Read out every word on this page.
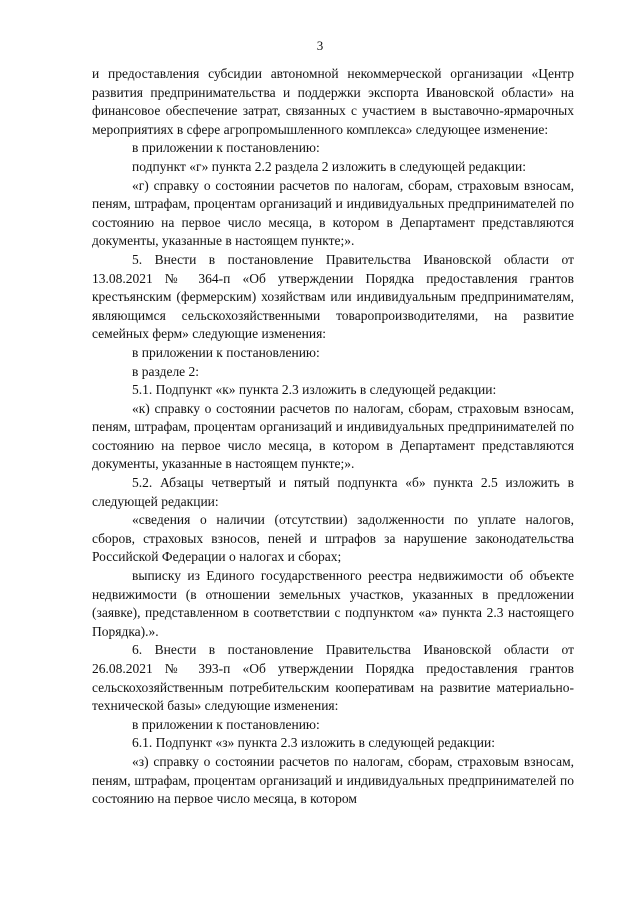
3

и предоставления субсидии автономной некоммерческой организации «Центр развития предпринимательства и поддержки экспорта Ивановской области» на финансовое обеспечение затрат, связанных с участием в выставочно-ярмарочных мероприятиях в сфере агропромышленного комплекса» следующее изменение:

в приложении к постановлению:

подпункт «г» пункта 2.2 раздела 2 изложить в следующей редакции:

«г) справку о состоянии расчетов по налогам, сборам, страховым взносам, пеням, штрафам, процентам организаций и индивидуальных предпринимателей по состоянию на первое число месяца, в котором в Департамент представляются документы, указанные в настоящем пункте;».

5. Внести в постановление Правительства Ивановской области от 13.08.2021 № 364-п «Об утверждении Порядка предоставления грантов крестьянским (фермерским) хозяйствам или индивидуальным предпринимателям, являющимся сельскохозяйственными товаропроизводителями, на развитие семейных ферм» следующие изменения:

в приложении к постановлению:

в разделе 2:

5.1. Подпункт «к» пункта 2.3 изложить в следующей редакции:

«к) справку о состоянии расчетов по налогам, сборам, страховым взносам, пеням, штрафам, процентам организаций и индивидуальных предпринимателей по состоянию на первое число месяца, в котором в Департамент представляются документы, указанные в настоящем пункте;».

5.2. Абзацы четвертый и пятый подпункта «б» пункта 2.5 изложить в следующей редакции:

«сведения о наличии (отсутствии) задолженности по уплате налогов, сборов, страховых взносов, пеней и штрафов за нарушение законодательства Российской Федерации о налогах и сборах;

выписку из Единого государственного реестра недвижимости об объекте недвижимости (в отношении земельных участков, указанных в предложении (заявке), представленном в соответствии с подпунктом «а» пункта 2.3 настоящего Порядка).».

6. Внести в постановление Правительства Ивановской области от 26.08.2021 № 393-п «Об утверждении Порядка предоставления грантов сельскохозяйственным потребительским кооперативам на развитие материально-технической базы» следующие изменения:

в приложении к постановлению:

6.1. Подпункт «з» пункта 2.3 изложить в следующей редакции:

«з) справку о состоянии расчетов по налогам, сборам, страховым взносам, пеням, штрафам, процентам организаций и индивидуальных предпринимателей по состоянию на первое число месяца, в котором
